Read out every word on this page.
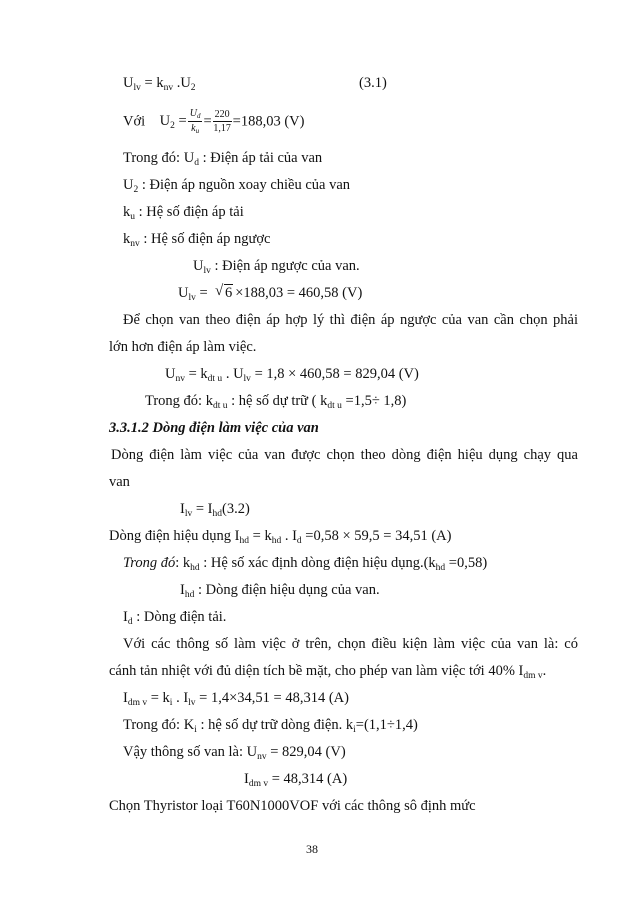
$U_{lv} = k_{nv}$ $.U_2$	(3.1)
Với $U_2 = \frac{U_d}{k_u} = \frac{220}{1,17} =188,03$ (V)
Trong đó: $U_d$ : Điện áp tải của van
$U_2$ : Điện áp nguồn xoay chiều của van
$k_u$ : Hệ số điện áp tải
$k_{nv}$ : Hệ số điện áp ngược
$U_{lv}$ : Điện áp ngược của van.
$U_{lv}$ = √ 6 ×188,03 = 460,58 (V)
Để chọn van theo điện áp hợp lý thì điện áp ngược của van cần chọn phải
lớn hơn điện áp làm việc.
$U_{nv} = k_{dt u}$ . $U_{lv} = 1,8 \times 460,58 = 829,04$ (V)
Trong đó: $k_{dt u}$ : hệ số dự trữ ( $k_{dt u} =1,5\div 1,8$)
3.3.1.2 Dòng điện làm việc của van
Dòng điện làm việc của van được chọn theo dòng điện hiệu dụng chạy qua
van
$I_{lv} = I_{hd}(3.2)$
Dòng điện hiệu dụng $I_{hd} = k_{hd}$ . $I_d =0,58 \times 59,5 = 34,51$ (A)
Trong đó: $k_{hd}$ : Hệ số xác định dòng điện hiệu $dụng.(k_{hd} =0,58)$
$I_{hd}$ : Dòng điện hiệu dụng của van.
$I_d$ : Dòng điện tải.
Với các thông số làm việc ở trên, chọn điều kiện làm việc của van là: có
cánh tản nhiệt với đủ diện tích bề mặt, cho phép van làm việc tới 40% $I_{dm v}$.
$I_{dm v} = k_i$ . $I_{lv} = 1,4\times 34,51 = 48,314$ (A)
Trong đó: $K_i$ : hệ số dự trữ dòng điện. $k_i=(1,1\div 1,4)$
Vậy thông số van là: $U_{nv} = 829,04$ (V)
$I_{dm v} = 48,314$ (A)
Chọn Thyristor loại T60N1000VOF với các thông sô định mức
38
